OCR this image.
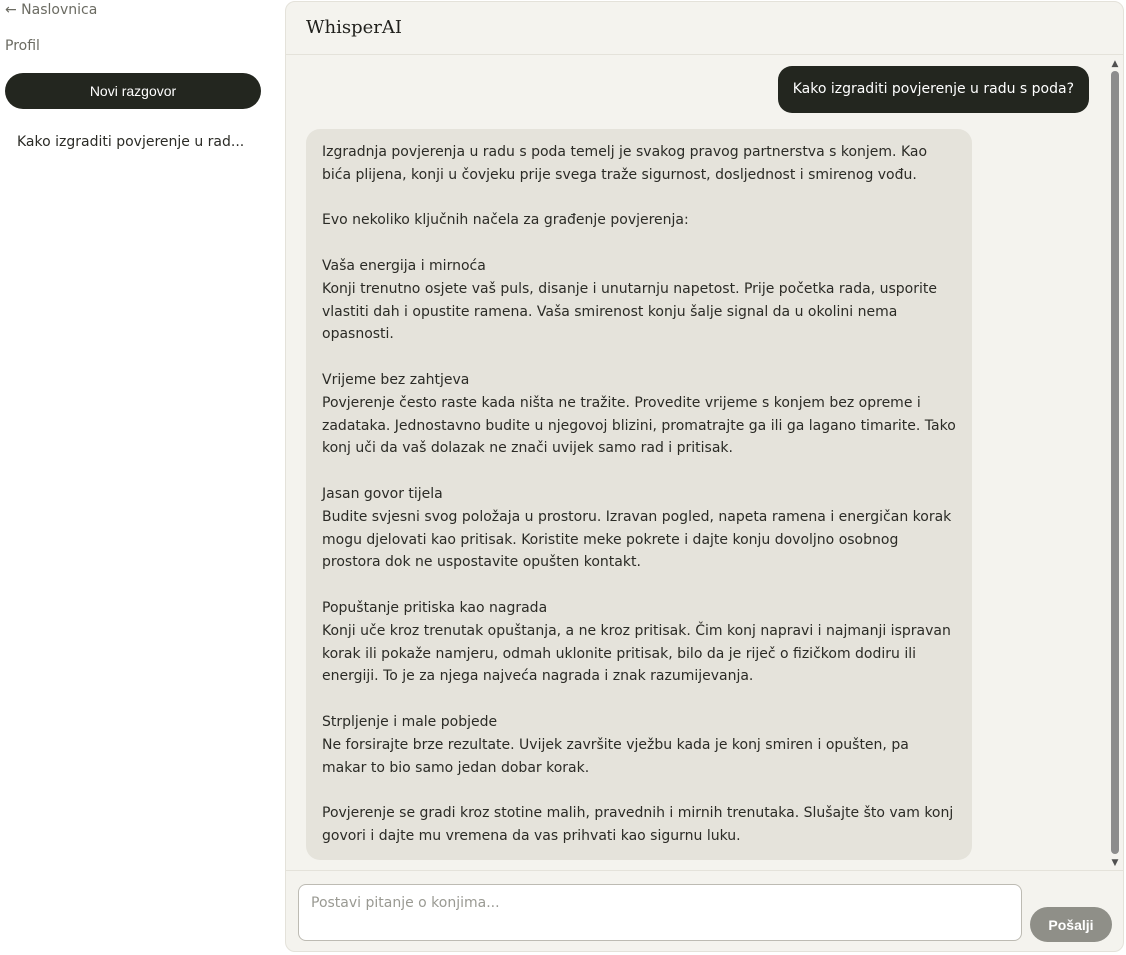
← Naslovnica
Profil
Novi razgovor
Kako izgraditi povjerenje u rad...
WhisperAI
Kako izgraditi povjerenje u radu s poda?

Izgradnja povjerenja u radu s poda temelj je svakog pravog partnerstva s konjem. Kao bića plijena, konji u čovjeku prije svega traže sigurnost, dosljednost i smirenog vođu.

Evo nekoliko ključnih načela za građenje povjerenja:

Vaša energija i mirnoća
Konji trenutno osjete vaš puls, disanje i unutarnju napetost. Prije početka rada, usporite vlastiti dah i opustite ramena. Vaša smirenost konju šalje signal da u okolini nema opasnosti.

Vrijeme bez zahtjeva
Povjerenje često raste kada ništa ne tražite. Provedite vrijeme s konjem bez opreme i zadataka. Jednostavno budite u njegovoj blizini, promatrajte ga ili ga lagano timarite. Tako konj uči da vaš dolazak ne znači uvijek samo rad i pritisak.

Jasan govor tijela
Budite svjesni svog položaja u prostoru. Izravan pogled, napeta ramena i energičan korak mogu djelovati kao pritisak. Koristite meke pokrete i dajte konju dovoljno osobnog prostora dok ne uspostavite opušten kontakt.

Popuštanje pritiska kao nagrada
Konji uče kroz trenutak opuštanja, a ne kroz pritisak. Čim konj napravi i najmanji ispravan korak ili pokaže namjeru, odmah uklonite pritisak, bilo da je riječ o fizičkom dodiru ili energiji. To je za njega najveća nagrada i znak razumijevanja.

Strpljenje i male pobjede
Ne forsirajte brze rezultate. Uvijek završite vježbu kada je konj smiren i opušten, pa makar to bio samo jedan dobar korak.

Povjerenje se gradi kroz stotine malih, pravednih i mirnih trenutaka. Slušajte što vam konj govori i dajte mu vremena da vas prihvati kao sigurnu luku.

▲
▼
Postavi pitanje o konjima...
Pošalji
